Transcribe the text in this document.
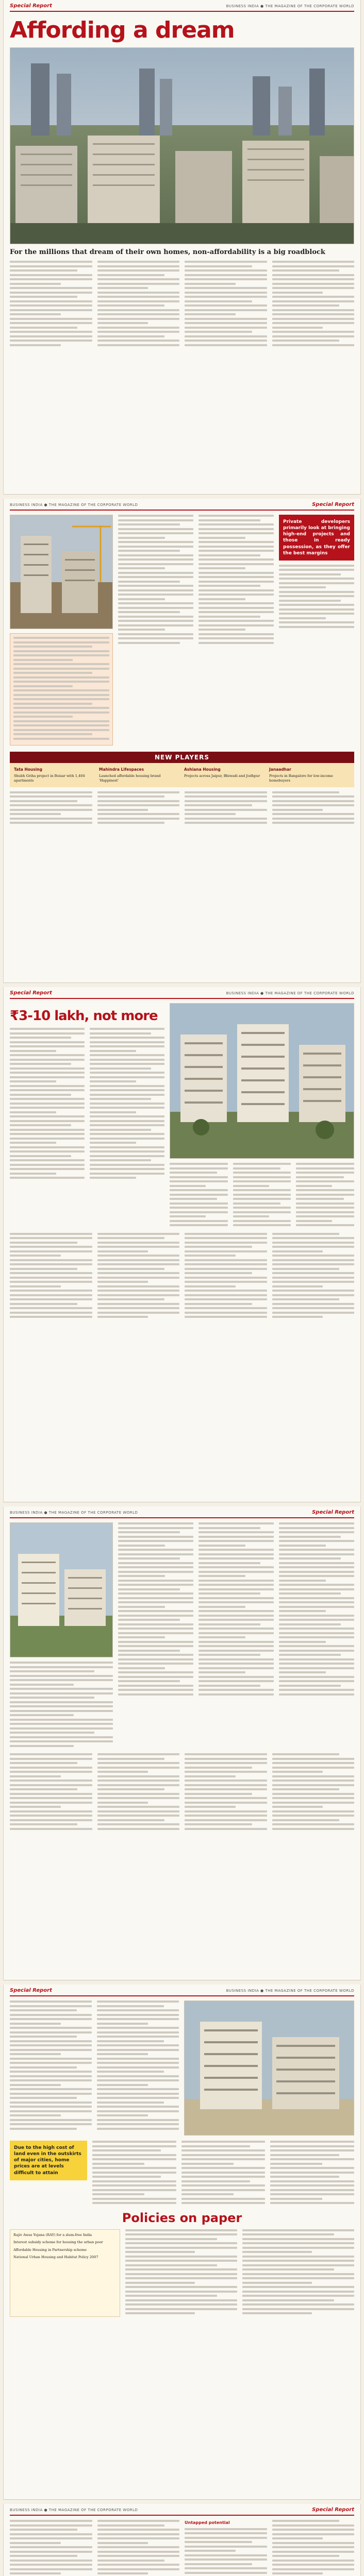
Special Report	BUSINESS INDIA ● THE MAGAZINE OF THE CORPORATE WORLD
Affording a dream
For the millions that dream of their own homes, non-affordability is a big roadblock
BUSINESS INDIA ● THE MAGAZINE OF THE CORPORATE WORLD	Special Report
Private developers primarily look at bringing high-end projects and those in ready possession, as they offer the best margins
NEW PLAYERS
Tata Housing
Shubh Griha project in Boisar with 1,404 apartments
Mahindra Lifespaces
Launched affordable housing brand 'Happinest'
Ashiana Housing
Projects across Jaipur, Bhiwadi and Jodhpur
Janaadhar
Projects in Bangalore for low-income homebuyers
Special Report	BUSINESS INDIA ● THE MAGAZINE OF THE CORPORATE WORLD
₹3-10 lakh, not more
BUSINESS INDIA ● THE MAGAZINE OF THE CORPORATE WORLD	Special Report
Special Report	BUSINESS INDIA ● THE MAGAZINE OF THE CORPORATE WORLD
Due to the high cost of land even in the outskirts of major cities, home prices are at levels difficult to attain
Policies on paper
Rajiv Awas Yojana (RAY) for a slum-free India
Interest subsidy scheme for housing the urban poor
Affordable Housing in Partnership scheme
National Urban Housing and Habitat Policy 2007
BUSINESS INDIA ● THE MAGAZINE OF THE CORPORATE WORLD	Special Report
Untapped potential
